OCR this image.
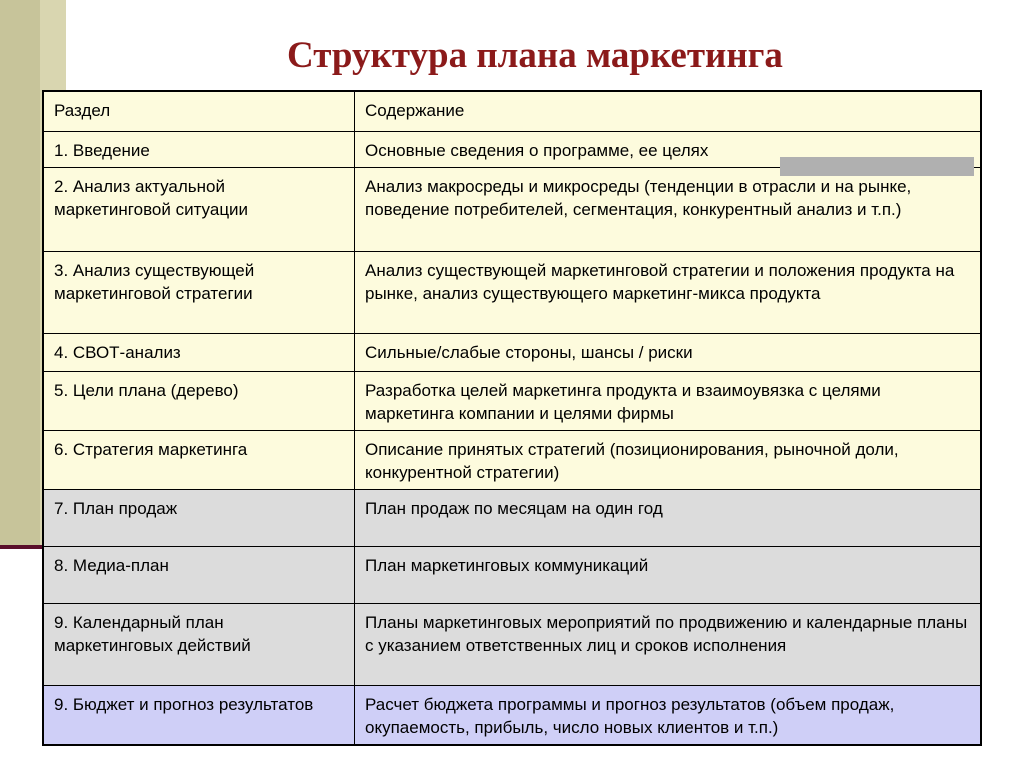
Структура плана маркетинга
Раздел	Содержание
1. Введение	Основные сведения о программе, ее целях
2. Анализ актуальной маркетинговой ситуации	Анализ макросреды и микросреды (тенденции в отрасли и на рынке, поведение потребителей, сегментация, конкурентный анализ и т.п.)
3. Анализ существующей маркетинговой стратегии	Анализ существующей маркетинговой стратегии и положения продукта на рынке, анализ существующего маркетинг-микса продукта
4. СВОТ-анализ	Сильные/слабые стороны, шансы / риски
5. Цели плана (дерево)	Разработка целей маркетинга продукта и взаимоувязка с целями маркетинга компании и целями фирмы
6. Стратегия маркетинга	Описание принятых стратегий (позиционирования, рыночной доли, конкурентной стратегии)
7. План продаж	План продаж по месяцам на один год
8. Медиа-план	План маркетинговых коммуникаций
9. Календарный план маркетинговых действий	Планы маркетинговых мероприятий по продвижению и календарные планы с указанием ответственных лиц и сроков исполнения
9. Бюджет и прогноз результатов	Расчет бюджета программы и прогноз результатов (объем продаж, окупаемость, прибыль, число новых клиентов и т.п.)
